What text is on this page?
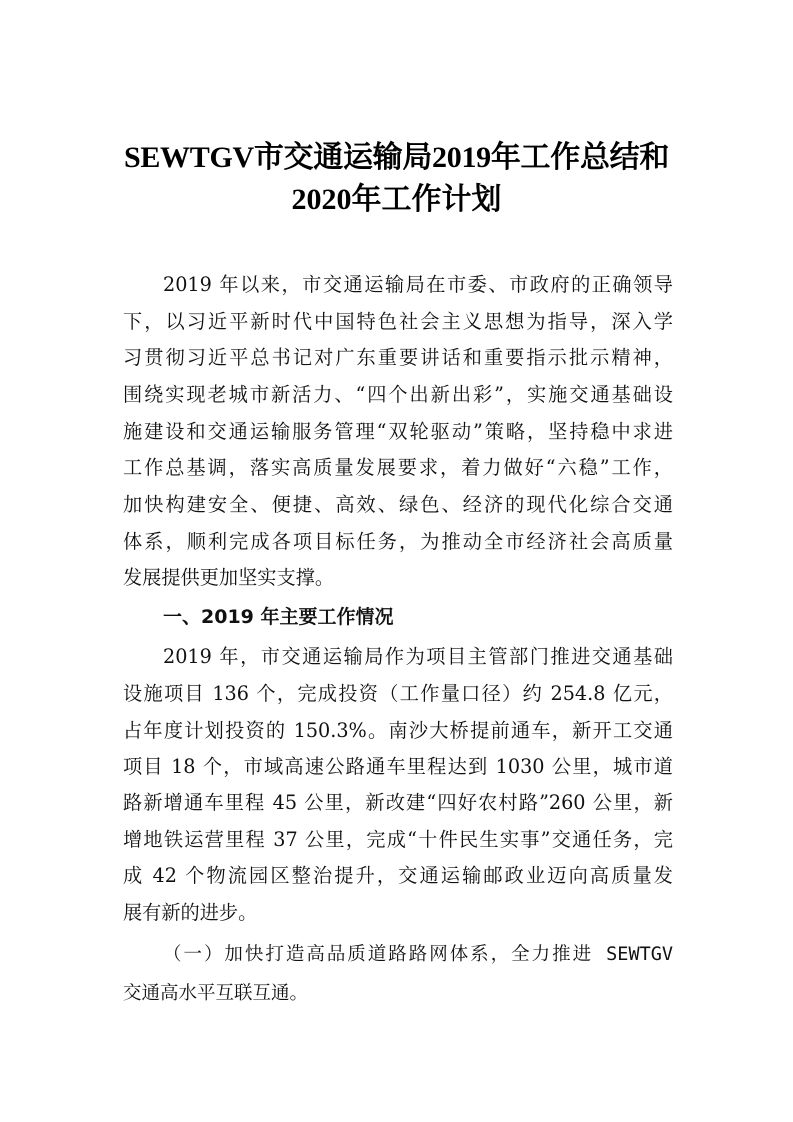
SEWTGV市交通运输局2019年工作总结和
2020年工作计划
2019 年以来，市交通运输局在市委、市政府的正确领导
下，以习近平新时代中国特色社会主义思想为指导，深入学
习贯彻习近平总书记对广东重要讲话和重要指示批示精神，
围绕实现老城市新活力、“四个出新出彩”，实施交通基础设
施建设和交通运输服务管理“双轮驱动”策略，坚持稳中求进
工作总基调，落实高质量发展要求，着力做好“六稳”工作，
加快构建安全、便捷、高效、绿色、经济的现代化综合交通
体系，顺利完成各项目标任务，为推动全市经济社会高质量
发展提供更加坚实支撑。
一、2019 年主要工作情况
2019 年，市交通运输局作为项目主管部门推进交通基础
设施项目 136 个，完成投资（工作量口径）约 254.8 亿元，
占年度计划投资的 150.3%。南沙大桥提前通车，新开工交通
项目 18 个，市域高速公路通车里程达到 1030 公里，城市道
路新增通车里程 45 公里，新改建“四好农村路”260 公里，新
增地铁运营里程 37 公里，完成“十件民生实事”交通任务，完
成 42 个物流园区整治提升，交通运输邮政业迈向高质量发
展有新的进步。
（一）加快打造高品质道路路网体系，全力推进 SEWTGV
交通高水平互联互通。
